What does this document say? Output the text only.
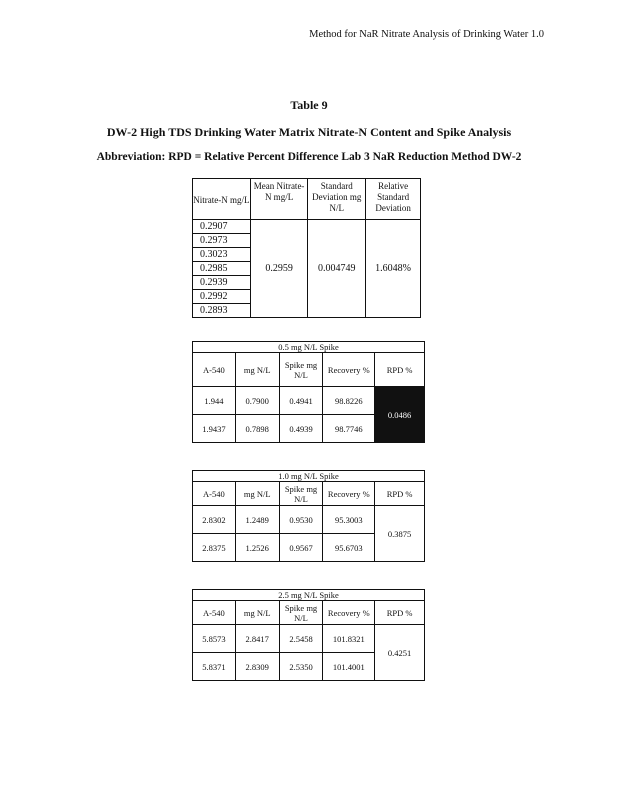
Method for NaR Nitrate Analysis of Drinking Water 1.0
Table 9
DW-2 High TDS Drinking Water Matrix Nitrate-N Content and Spike Analysis
Abbreviation: RPD = Relative Percent Difference Lab 3 NaR Reduction Method DW-2
Nitrate-N mg/L	Mean Nitrate-N mg/L	Standard Deviation mg N/L	Relative Standard Deviation
0.2907	0.2959	0.004749	1.6048%
0.2973			
0.3023			
0.2985			
0.2939			
0.2992			
0.2893			
0.5 mg N/L Spike				
A-540	mg N/L	Spike mg N/L	Recovery %	RPD %
1.944	0.7900	0.4941	98.8226	0.0486
1.9437	0.7898	0.4939	98.7746	
1.0 mg N/L Spike				
A-540	mg N/L	Spike mg N/L	Recovery %	RPD %
2.8302	1.2489	0.9530	95.3003	0.3875
2.8375	1.2526	0.9567	95.6703	
2.5 mg N/L Spike				
A-540	mg N/L	Spike mg N/L	Recovery %	RPD %
5.8573	2.8417	2.5458	101.8321	0.4251
5.8371	2.8309	2.5350	101.4001	
